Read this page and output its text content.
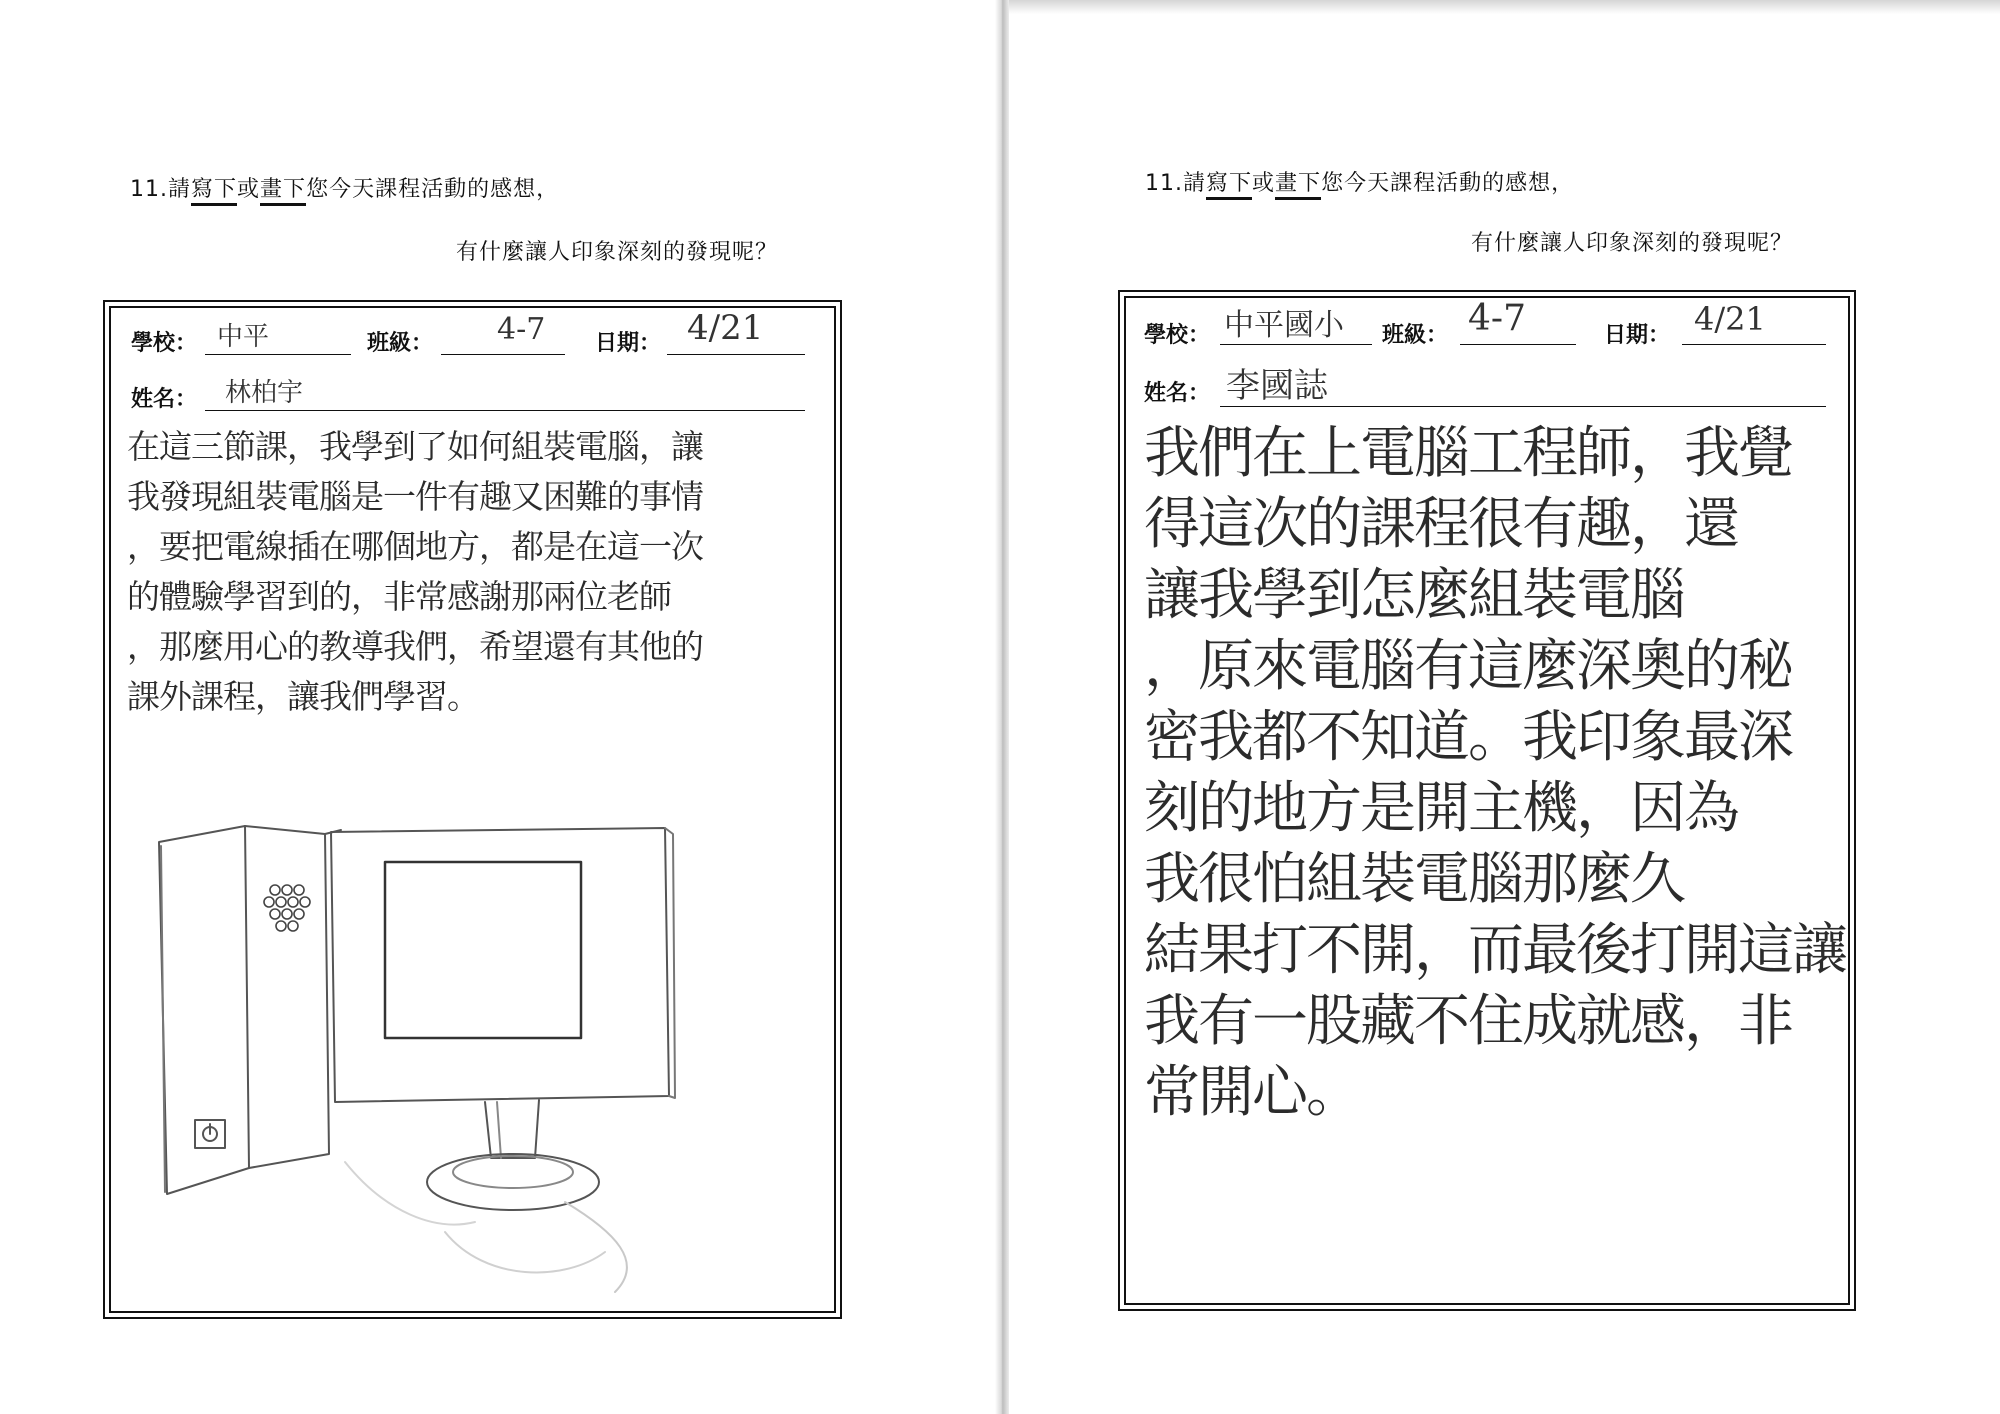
11.請寫下或畫下您今天課程活動的感想，
有什麼讓人印象深刻的發現呢？
學校： 中平	班級： 4-7 日期： 4/21
姓名： 林柏宇
在這三節課，我學到了如何組裝電腦，讓
我發現組裝電腦是一件有趣又困難的事情
，要把電線插在哪個地方，都是在這一次
的體驗學習到的，非常感謝那兩位老師
，那麼用心的教導我們，希望還有其他的
課外課程，讓我們學習。
11.請寫下或畫下您今天課程活動的感想，
有什麼讓人印象深刻的發現呢？
學校： 中平國小 班級： 4-7	日期： 4/21
姓名： 李國誌
我們在上電腦工程師，我覺
得這次的課程很有趣，還
讓我學到怎麼組裝電腦
，原來電腦有這麼深奧的秘
密我都不知道。我印象最深
刻的地方是開主機，因為
我很怕組裝電腦那麼久
結果打不開，而最後打開這讓
我有一股藏不住成就感，非
常開心。
